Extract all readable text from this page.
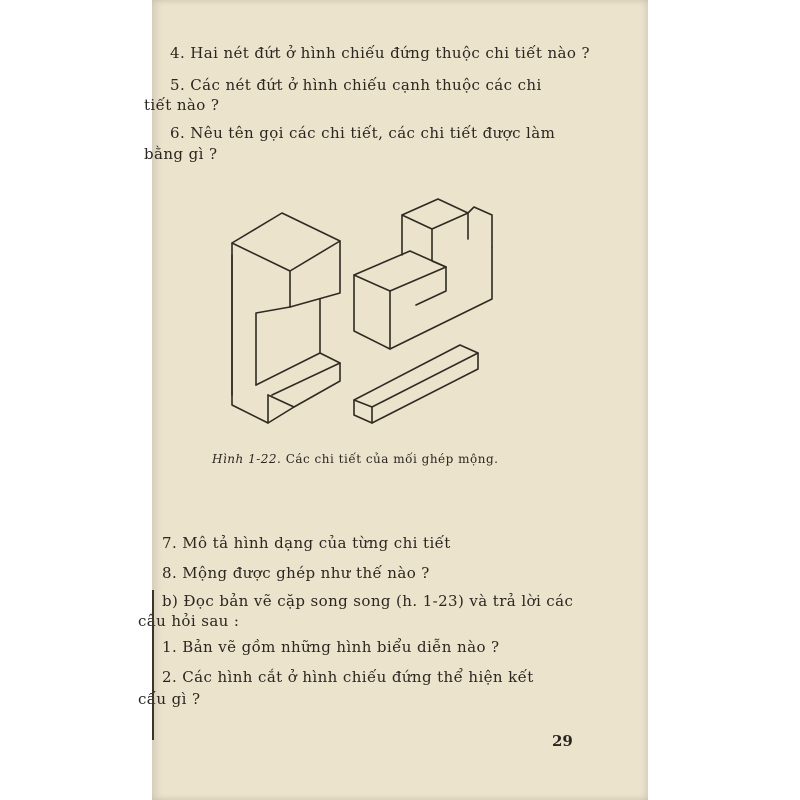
4. Hai nét đứt ở hình chiếu đứng thuộc chi tiết nào ?
5. Các nét đứt ở hình chiếu cạnh thuộc các chi
tiết nào ?
6. Nêu tên gọi các chi tiết, các chi tiết được làm
bằng gì ?
Hình 1-22. Các chi tiết của mối ghép mộng.
7. Mô tả hình dạng của từng chi tiết
8. Mộng được ghép như thế nào ?
b) Đọc bản vẽ cặp song song (h. 1-23) và trả lời các
câu hỏi sau :
1. Bản vẽ gồm những hình biểu diễn nào ?
2. Các hình cắt ở hình chiếu đứng thể hiện kết
cấu gì ?
29
